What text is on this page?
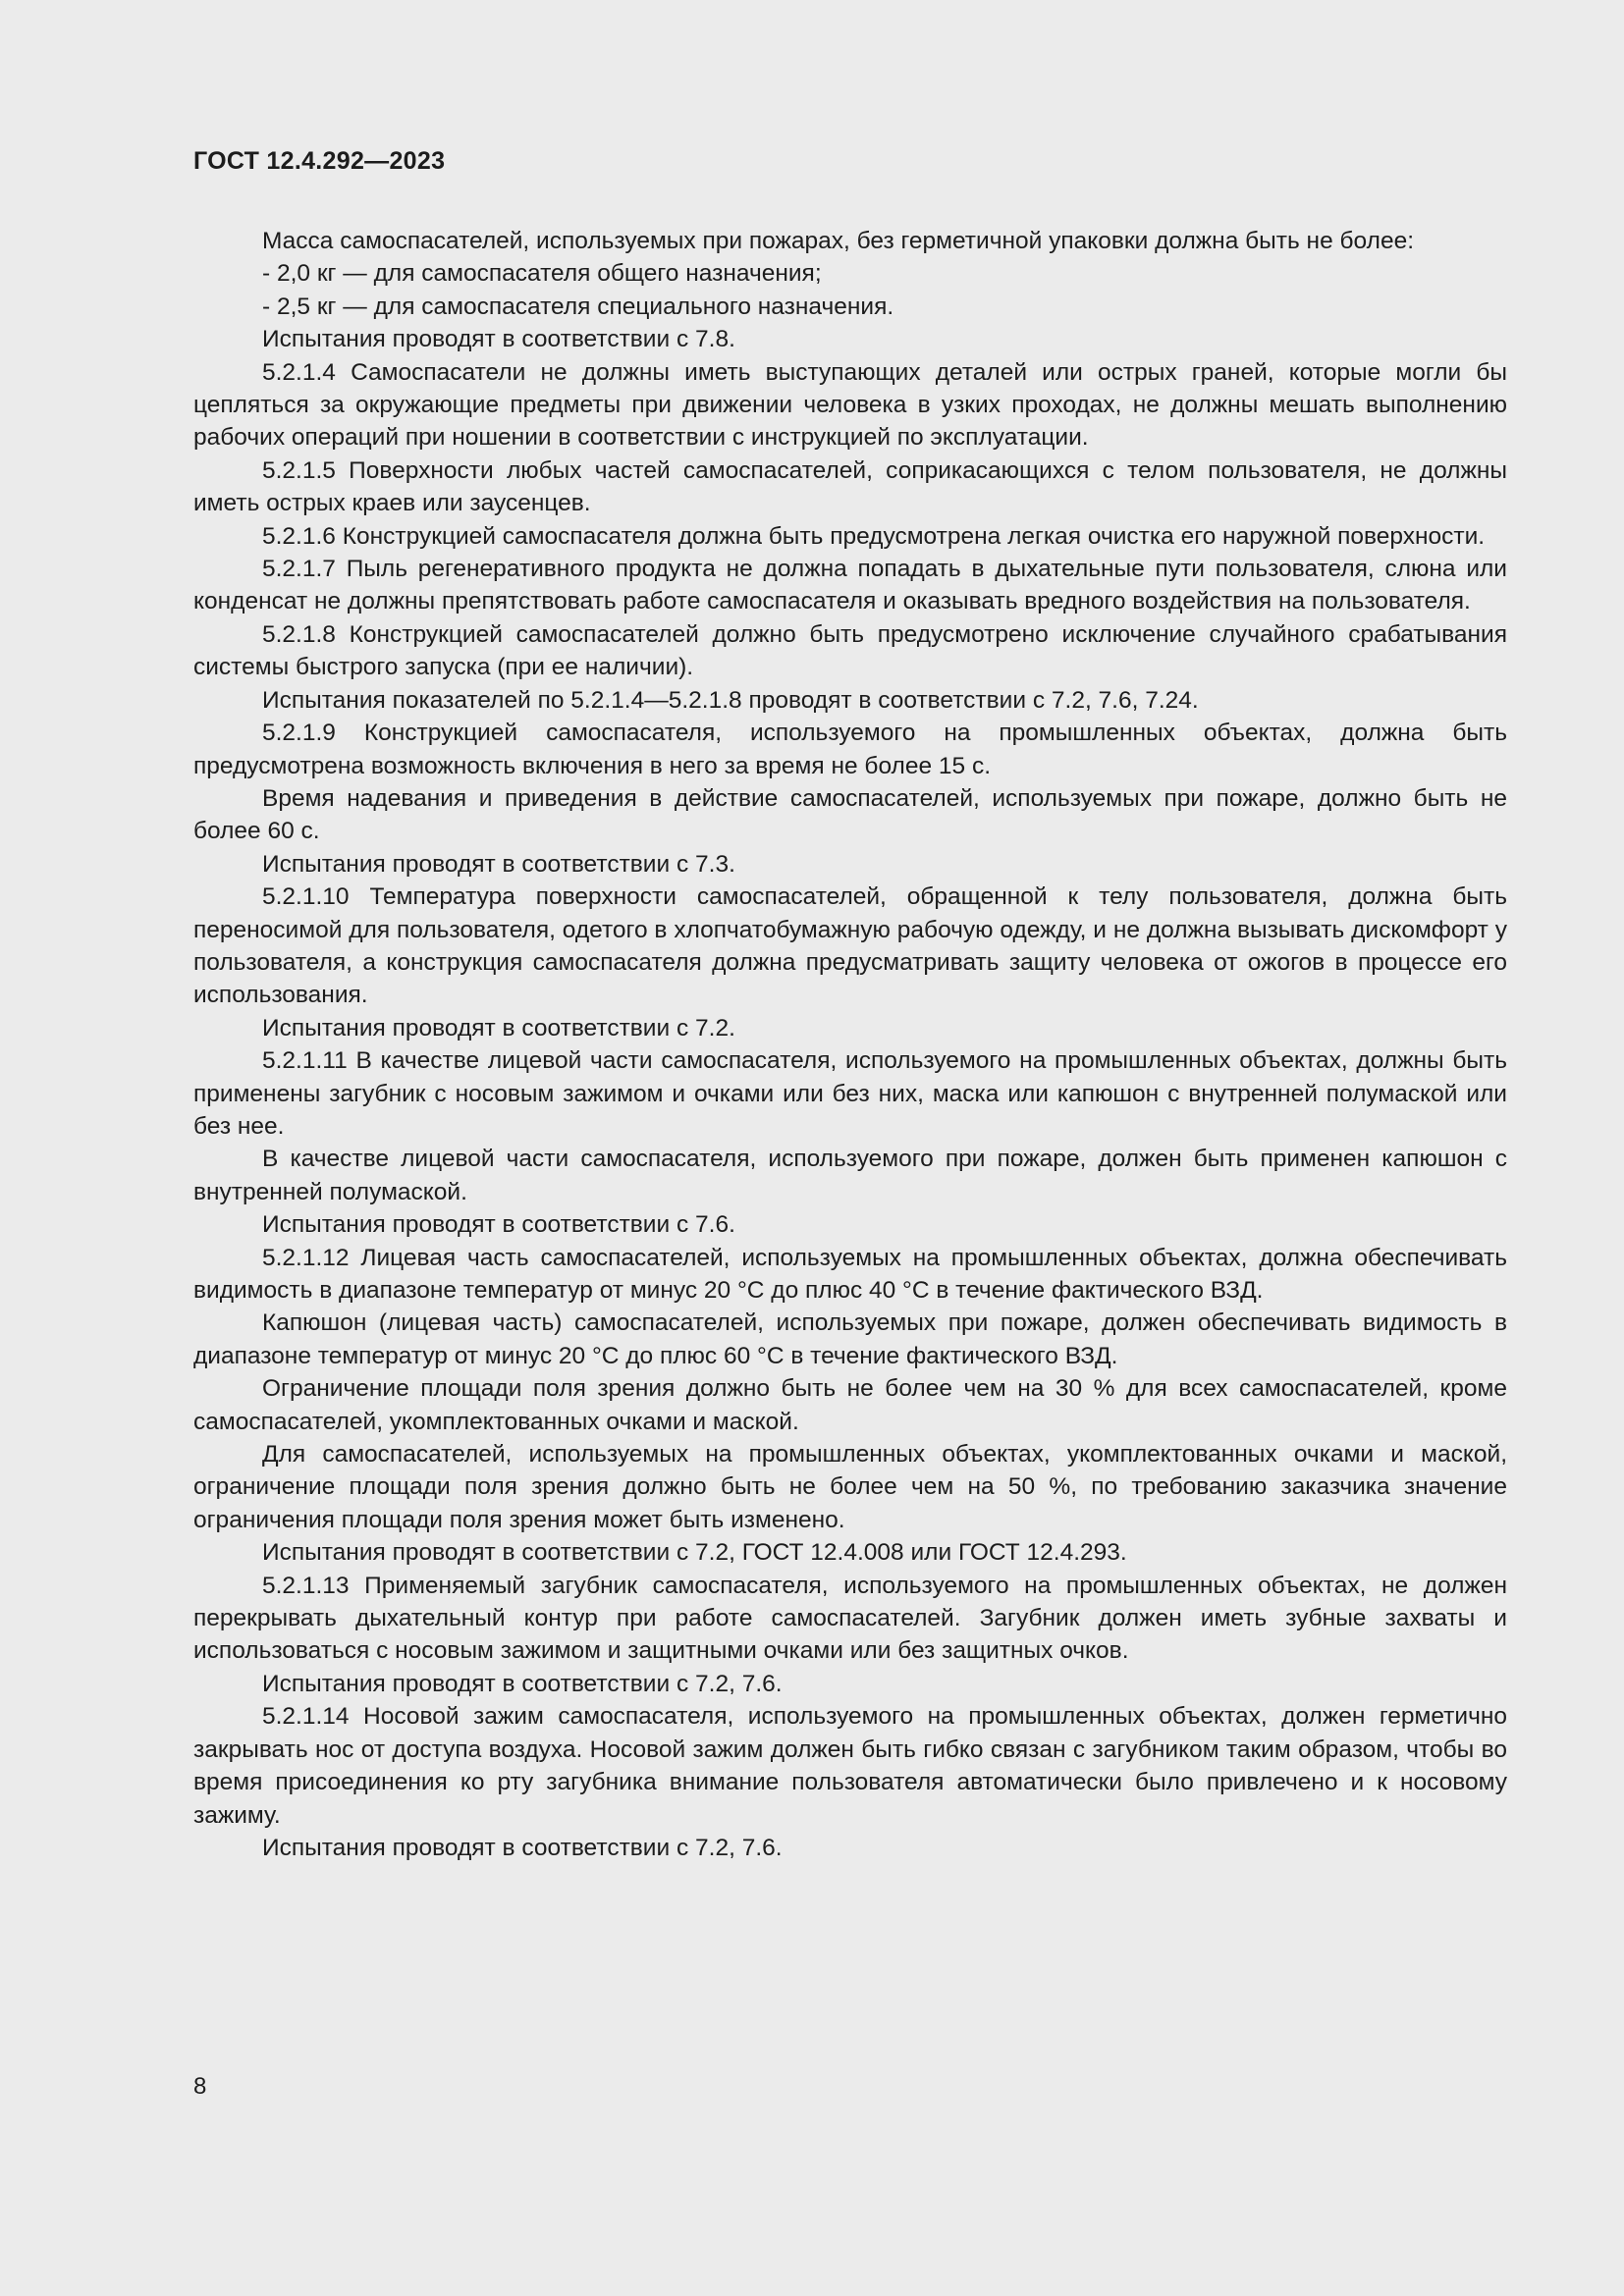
ГОСТ 12.4.292—2023

Масса самоспасателей, используемых при пожарах, без герметичной упаковки должна быть не более:

- 2,0 кг — для самоспасателя общего назначения;

- 2,5 кг — для самоспасателя специального назначения.

Испытания проводят в соответствии с 7.8.

5.2.1.4 Самоспасатели не должны иметь выступающих деталей или острых граней, которые могли бы цепляться за окружающие предметы при движении человека в узких проходах, не должны мешать выполнению рабочих операций при ношении в соответствии с инструкцией по эксплуатации.

5.2.1.5 Поверхности любых частей самоспасателей, соприкасающихся с телом пользователя, не должны иметь острых краев или заусенцев.

5.2.1.6 Конструкцией самоспасателя должна быть предусмотрена легкая очистка его наружной поверхности.

5.2.1.7 Пыль регенеративного продукта не должна попадать в дыхательные пути пользователя, слюна или конденсат не должны препятствовать работе самоспасателя и оказывать вредного воздействия на пользователя.

5.2.1.8 Конструкцией самоспасателей должно быть предусмотрено исключение случайного срабатывания системы быстрого запуска (при ее наличии).

Испытания показателей по 5.2.1.4—5.2.1.8 проводят в соответствии с 7.2, 7.6, 7.24.

5.2.1.9 Конструкцией самоспасателя, используемого на промышленных объектах, должна быть предусмотрена возможность включения в него за время не более 15 с.

Время надевания и приведения в действие самоспасателей, используемых при пожаре, должно быть не более 60 с.

Испытания проводят в соответствии с 7.3.

5.2.1.10 Температура поверхности самоспасателей, обращенной к телу пользователя, должна быть переносимой для пользователя, одетого в хлопчатобумажную рабочую одежду, и не должна вызывать дискомфорт у пользователя, а конструкция самоспасателя должна предусматривать защиту человека от ожогов в процессе его использования.

Испытания проводят в соответствии с 7.2.

5.2.1.11 В качестве лицевой части самоспасателя, используемого на промышленных объектах, должны быть применены загубник с носовым зажимом и очками или без них, маска или капюшон с внутренней полумаской или без нее.

В качестве лицевой части самоспасателя, используемого при пожаре, должен быть применен капюшон с внутренней полумаской.

Испытания проводят в соответствии с 7.6.

5.2.1.12 Лицевая часть самоспасателей, используемых на промышленных объектах, должна обеспечивать видимость в диапазоне температур от минус 20 °С до плюс 40 °С в течение фактического ВЗД.

Капюшон (лицевая часть) самоспасателей, используемых при пожаре, должен обеспечивать видимость в диапазоне температур от минус 20 °С до плюс 60 °С в течение фактического ВЗД.

Ограничение площади поля зрения должно быть не более чем на 30 % для всех самоспасателей, кроме самоспасателей, укомплектованных очками и маской.

Для самоспасателей, используемых на промышленных объектах, укомплектованных очками и маской, ограничение площади поля зрения должно быть не более чем на 50 %, по требованию заказчика значение ограничения площади поля зрения может быть изменено.

Испытания проводят в соответствии с 7.2, ГОСТ 12.4.008 или ГОСТ 12.4.293.

5.2.1.13 Применяемый загубник самоспасателя, используемого на промышленных объектах, не должен перекрывать дыхательный контур при работе самоспасателей. Загубник должен иметь зубные захваты и использоваться с носовым зажимом и защитными очками или без защитных очков.

Испытания проводят в соответствии с 7.2, 7.6.

5.2.1.14 Носовой зажим самоспасателя, используемого на промышленных объектах, должен герметично закрывать нос от доступа воздуха. Носовой зажим должен быть гибко связан с загубником таким образом, чтобы во время присоединения ко рту загубника внимание пользователя автоматически было привлечено и к носовому зажиму.

Испытания проводят в соответствии с 7.2, 7.6.

8
